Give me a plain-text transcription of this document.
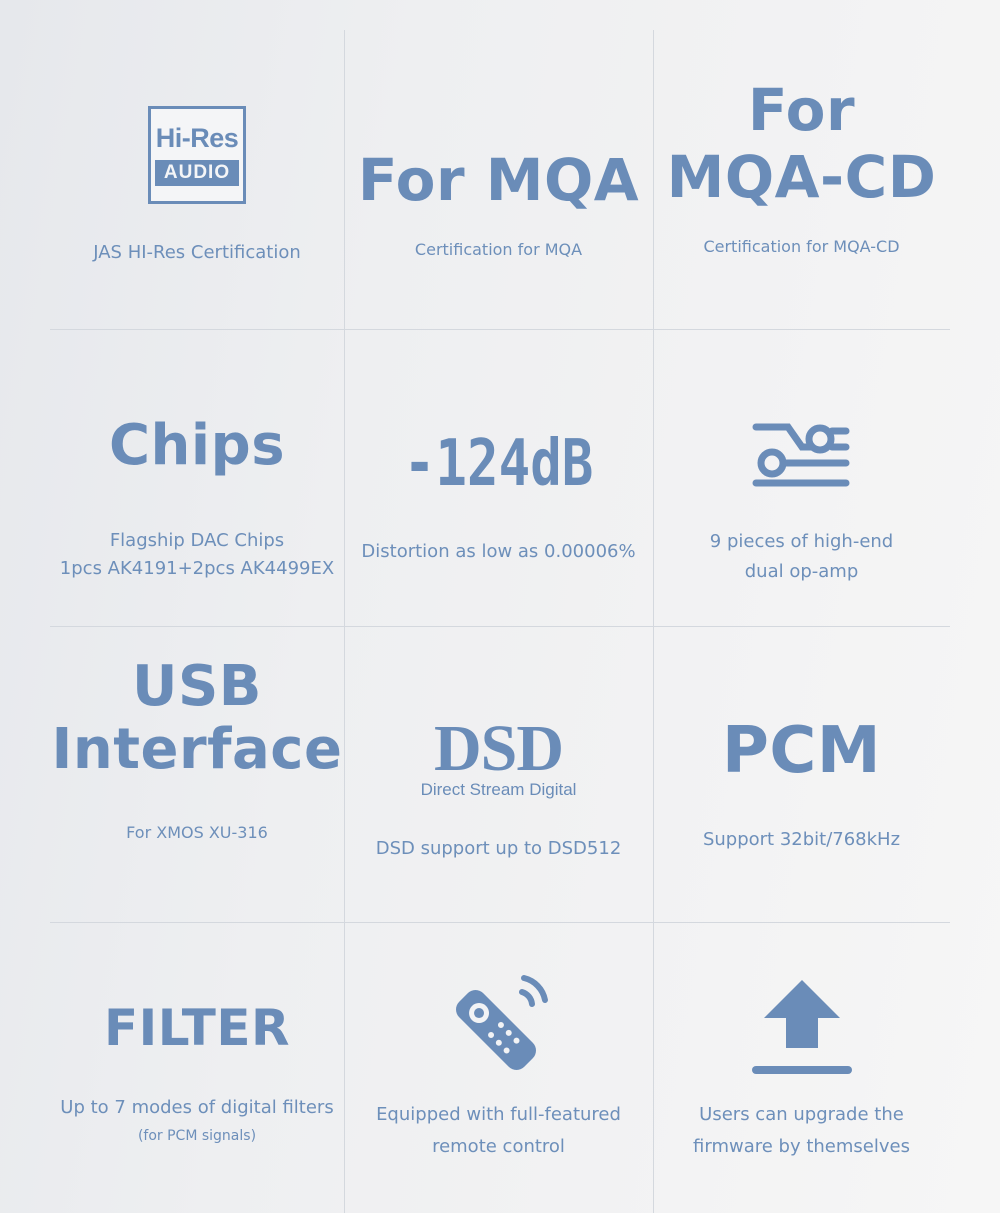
Hi-Res
AUDIO
JAS HI-Res Certification
For MQA
Certification for MQA
For
MQA-CD
Certification for MQA-CD
Chips
Flagship DAC Chips
1pcs AK4191+2pcs AK4499EX
-124dB
Distortion as low as 0.00006%	9 pieces of high-end
dual op-amp
USB
Interface
For XMOS XU-316
DSD
Direct Stream Digital
DSD support up to DSD512
PCM
Support 32bit/768kHz
FILTER
Up to 7 modes of digital filters
(for PCM signals)
Equipped with full-featured
remote control
Users can upgrade the
firmware by themselves
